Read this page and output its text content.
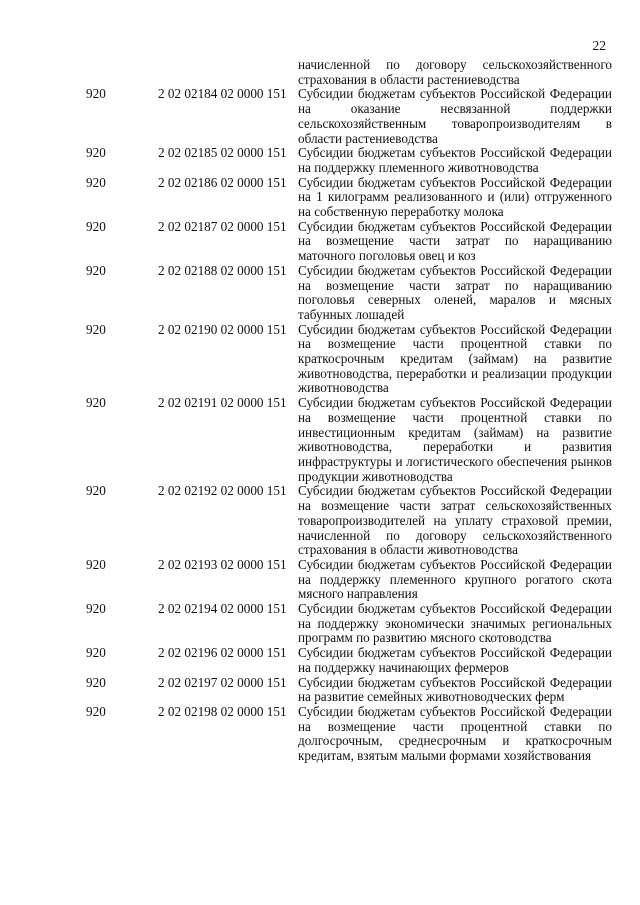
22
начисленной по договору сельскохозяйственного
страхования в области растениеводства
920	2 02 02184 02 0000 151 Субсидии бюджетам субъектов Российской Федерации
на оказание несвязанной поддержки
сельскохозяйственным товаропроизводителям в
области растениеводства
920	2 02 02185 02 0000 151 Субсидии бюджетам субъектов Российской Федерации
на поддержку племенного животноводства
920	2 02 02186 02 0000 151 Субсидии бюджетам субъектов Российской Федерации
на 1 килограмм реализованного и (или) отгруженного
на собственную переработку молока
920	2 02 02187 02 0000 151 Субсидии бюджетам субъектов Российской Федерации
на возмещение части затрат по наращиванию
маточного поголовья овец и коз
920	2 02 02188 02 0000 151 Субсидии бюджетам субъектов Российской Федерации
на возмещение части затрат по наращиванию
поголовья северных оленей, маралов и мясных
табунных лошадей
920	2 02 02190 02 0000 151 Субсидии бюджетам субъектов Российской Федерации
на возмещение части процентной ставки по
краткосрочным кредитам (займам) на развитие
животноводства, переработки и реализации продукции
животноводства
920	2 02 02191 02 0000 151 Субсидии бюджетам субъектов Российской Федерации
на возмещение части процентной ставки по
инвестиционным кредитам (займам) на развитие
животноводства, переработки и развития
инфраструктуры и логистического обеспечения рынков
продукции животноводства
920	2 02 02192 02 0000 151 Субсидии бюджетам субъектов Российской Федерации
на возмещение части затрат сельскохозяйственных
товаропроизводителей на уплату страховой премии,
начисленной по договору сельскохозяйственного
страхования в области животноводства
920	2 02 02193 02 0000 151 Субсидии бюджетам субъектов Российской Федерации
на поддержку племенного крупного рогатого скота
мясного направления
920	2 02 02194 02 0000 151 Субсидии бюджетам субъектов Российской Федерации
на поддержку экономически значимых региональных
программ по развитию мясного скотоводства
920	2 02 02196 02 0000 151 Субсидии бюджетам субъектов Российской Федерации
на поддержку начинающих фермеров
920	2 02 02197 02 0000 151 Субсидии бюджетам субъектов Российской Федерации
на развитие семейных животноводческих ферм
920	2 02 02198 02 0000 151 Субсидии бюджетам субъектов Российской Федерации
на возмещение части процентной ставки по
долгосрочным, среднесрочным и краткосрочным
кредитам, взятым малыми формами хозяйствования
